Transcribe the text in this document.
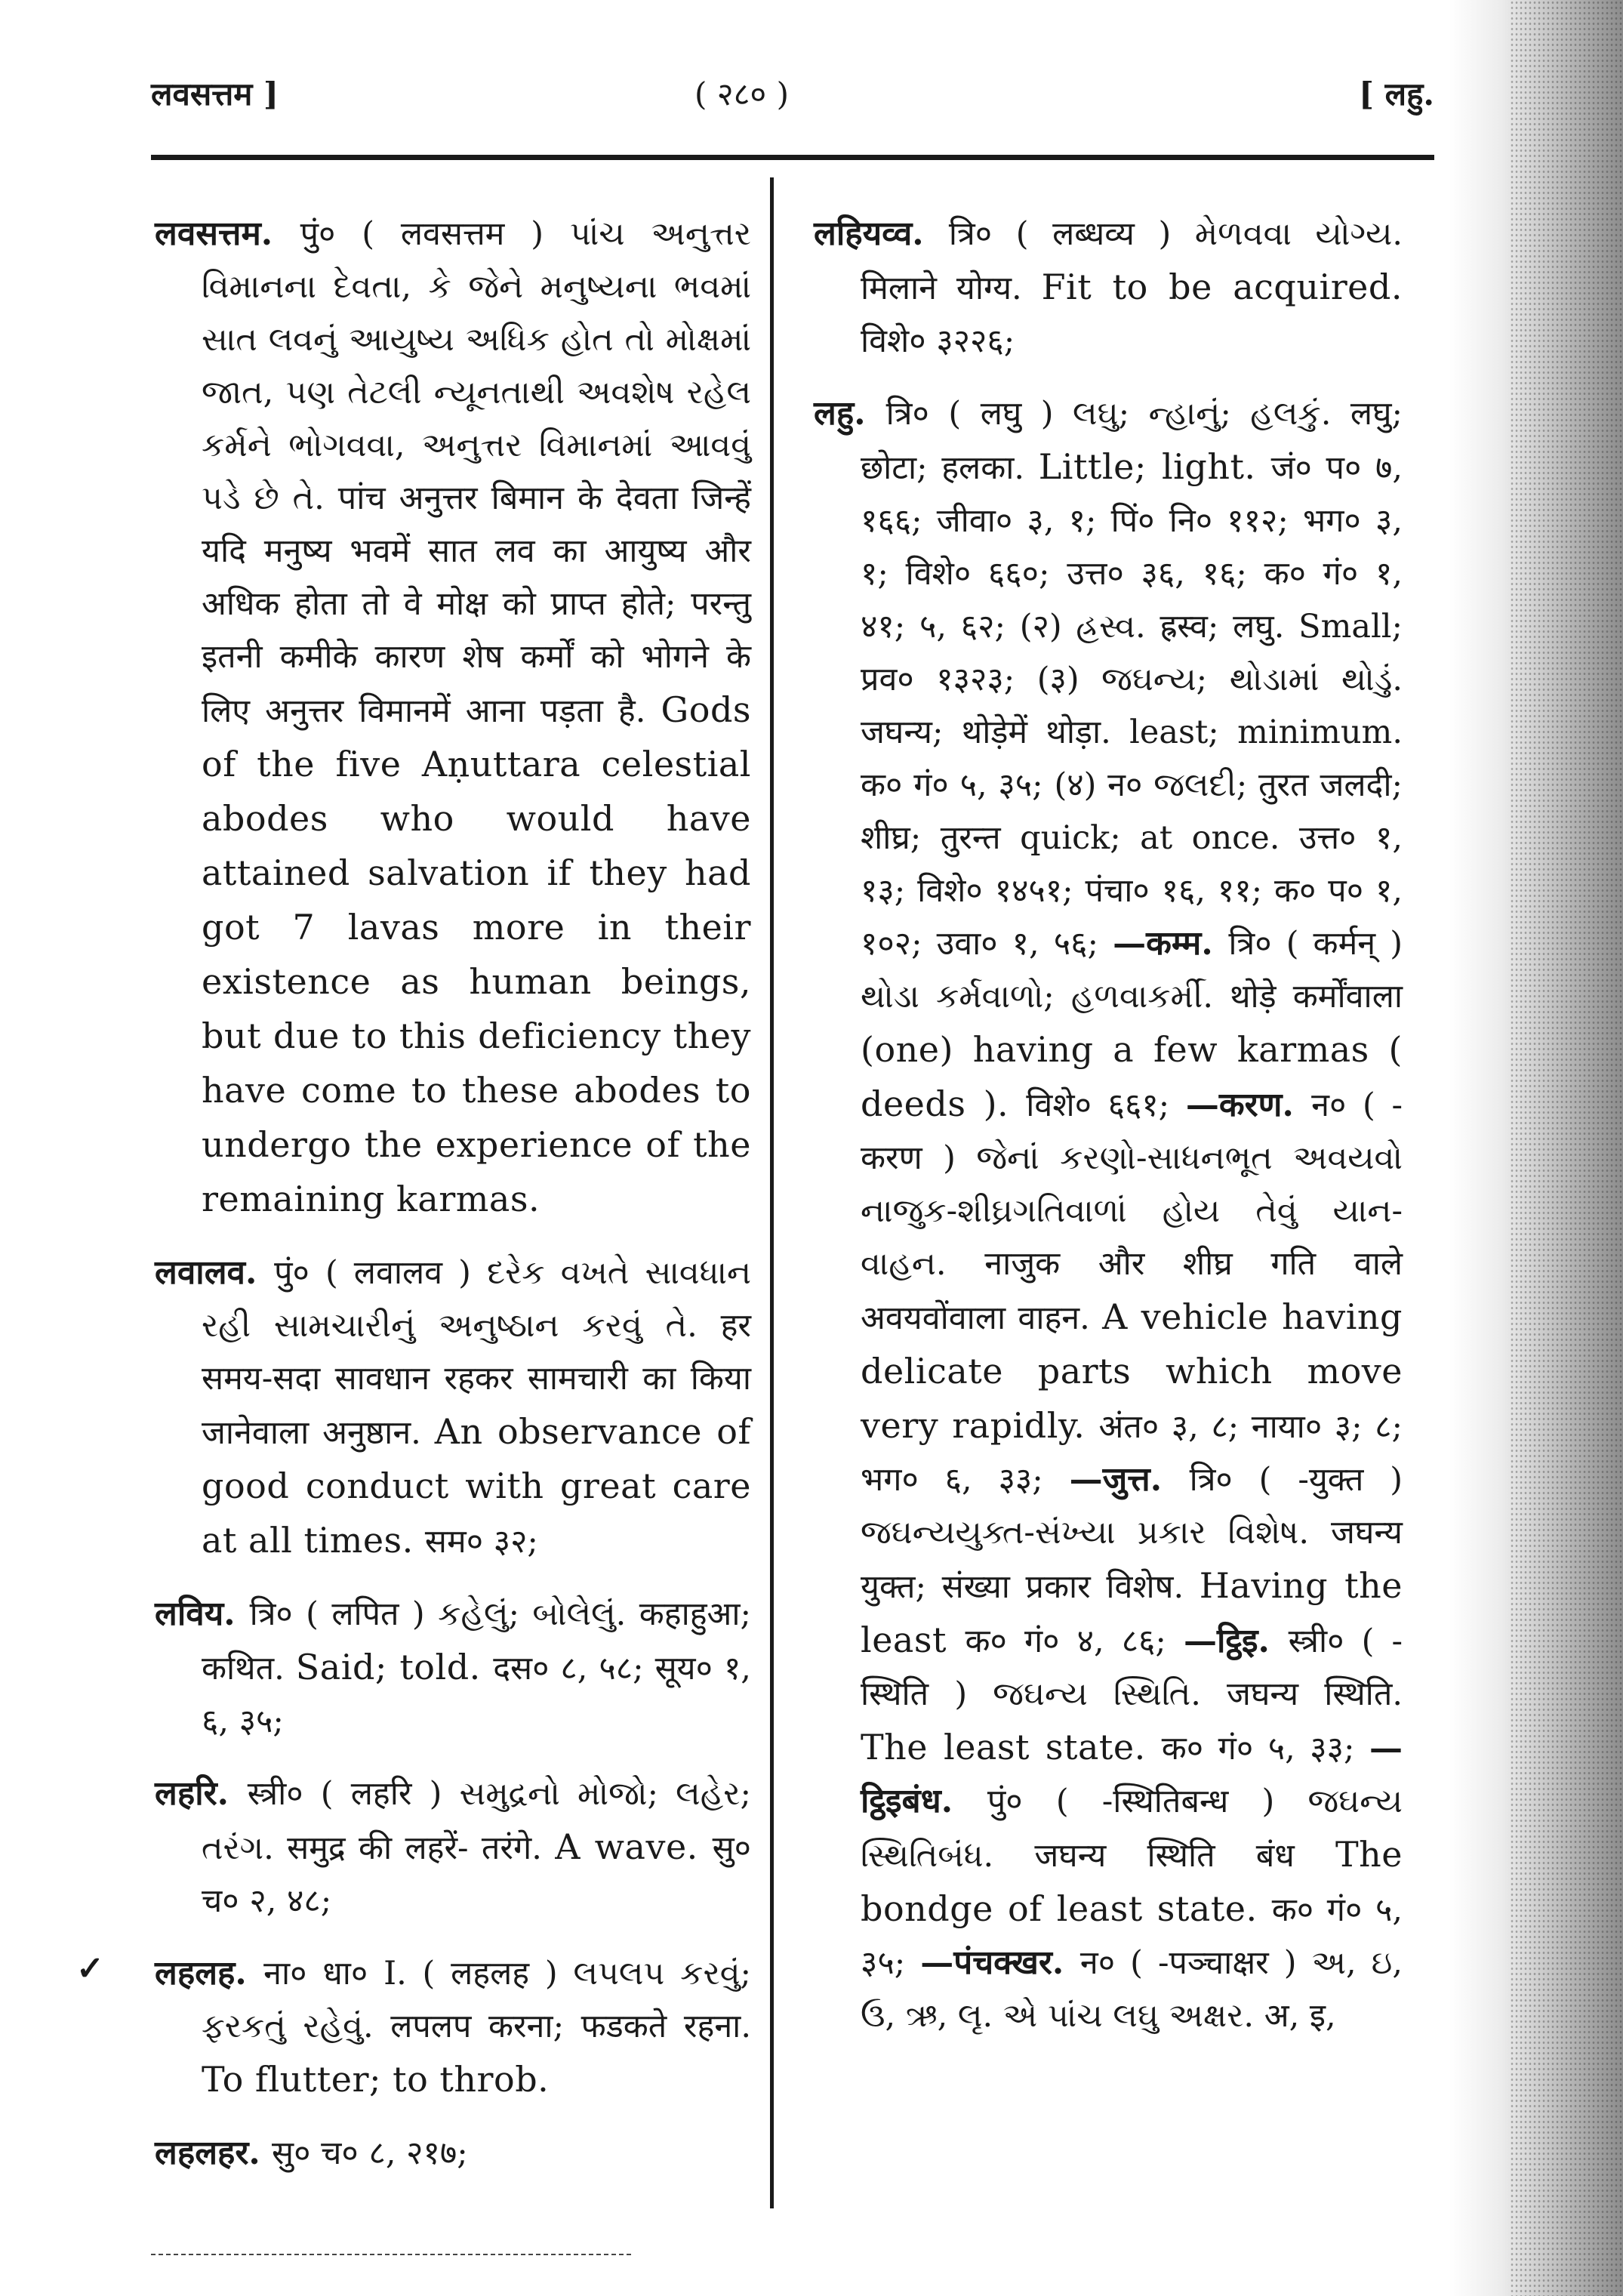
लवसत्तम ]	( २८० )	[ लहु.
लवसत्तम. पुं० ( लवसत्तम ) પાંચ અનુત્તર વિમાનના દેવતા, કે જેને મનુષ્યના ભવમાં સાત લવનું આયુષ્ય અધિક હોત તો મોક્ષમાં જાત, પણ તેટલી ન્યૂનતાથી અવશેષ રહેલ કર્મને ભોગવવા, અનુત્તર વિમાનમાં આવવું પડે છે તે. पांच अनुत्तर बिमान के देवता जिन्हें यदि मनुष्य भवमें सात लव का आयुष्य और अधिक होता तो वे मोक्ष को प्राप्त होते; परन्तु इतनी कमीके कारण शेष कर्मों को भोगने के लिए अनुत्तर विमानमें आना पड़ता है. Gods of the five Aṇuttara celestial abodes who would have attained salvation if they had got 7 lavas more in their existence as human beings, but due to this deficiency they have come to these abodes to undergo the experience of the remaining karmas.
लवालव. पुं० ( लवालव ) દરેક વખતે સાવધાન રહી સામચારીનું અનુષ્ઠાન કરવું તે. हर समय-सदा सावधान रहकर सामचारी का किया जानेवाला अनुष्ठान. An observance of good conduct with great care at all times. सम० ३२;
लविय. त्रि० ( लपित ) કહેલું; બોલેલું. कहाहुआ; कथित. Said; told. दस० ८, ५८; सूय० १, ६, ३५;
लहरि. स्त्री० ( लहरि ) સમુદ્રનો મોજો; લહેર; તરંગ. समुद्र की लहरें- तरंगे. A wave. सु० च० २, ४८;
✓	लहलह. ना० धा० I. ( लहलह ) લપલપ કરવું; ફરકતું રહેવું. लपलप करना; फडकते रहना. To flutter; to throb.
लहलहर. सु० च० ८, २१७;
लहियव्व. त्रि० ( लब्धव्य ) મેળવવા યોગ્ય. मिलाने योग्य. Fit to be acquired. विशे० ३२२६;
लहु. त्रि० ( लघु ) લઘુ; ન્હાનું; હલકું. लघु; छोटा; हलका. Little; light. जं० प० ७, १६६; जीवा० ३, १; पिं० नि० ११२; भग० ३, १; विशे० ६६०; उत्त० ३६, १६; क० गं० १, ४१; ५, ६२; (२) હ્રસ્વ. ह्रस्व; लघु. Small; प्रव० १३२३; (३) જઘન્ય; થોડામાં થોડું. जघन्य; थोड़ेमें थोड़ा. least; minimum. क० गं० ५, ३५; (४) न० જલદી; तुरत जलदी; शीघ्र; तुरन्त quick; at once. उत्त० १, १३; विशे० १४५१; पंचा० १६, ११; क० प० १, १०२; उवा० १, ५६; —कम्म. त्रि० ( कर्मन् ) થોડા કર્મવાળો; હળવાકર્મી. थोड़े कर्मोंवाला (one) having a few karmas ( deeds ). विशे० ६६१; —करण. न० ( -करण ) જેનાં કરણો-સાધનભૂત અવયવો નાજુક-શીઘ્રગતિવાળાં હોય તેવું યાન-વાહન. नाजुक और शीघ्र गति वाले अवयवोंवाला वाहन. A vehicle having delicate parts which move very rapidly. अंत० ३, ८; नाया० ३; ८; भग० ६, ३३; —जुत्त. त्रि० ( -युक्त ) જઘન્યયુક્ત-સંખ્યા પ્રકાર વિશેષ. जघन्य युक्त; संख्या प्रकार विशेष. Having the least क० गं० ४, ८६; —ट्ठिइ. स्त्री० ( -स्थिति ) જઘન્ય સ્થિતિ. जघन्य स्थिति. The least state. क० गं० ५, ३३; —ट्ठिइबंध. पुं० ( -स्थितिबन्ध ) જઘન્ય સ્થિતિબંધ. जघन्य स्थिति बंध The bondge of least state. क० गं० ५, ३५; —पंचक्खर. न० ( -पञ्चाक्षर ) અ, ઇ, ઉ, ઋ, લૃ. એ પાંચ લઘુ અક્ષર. अ, इ,
